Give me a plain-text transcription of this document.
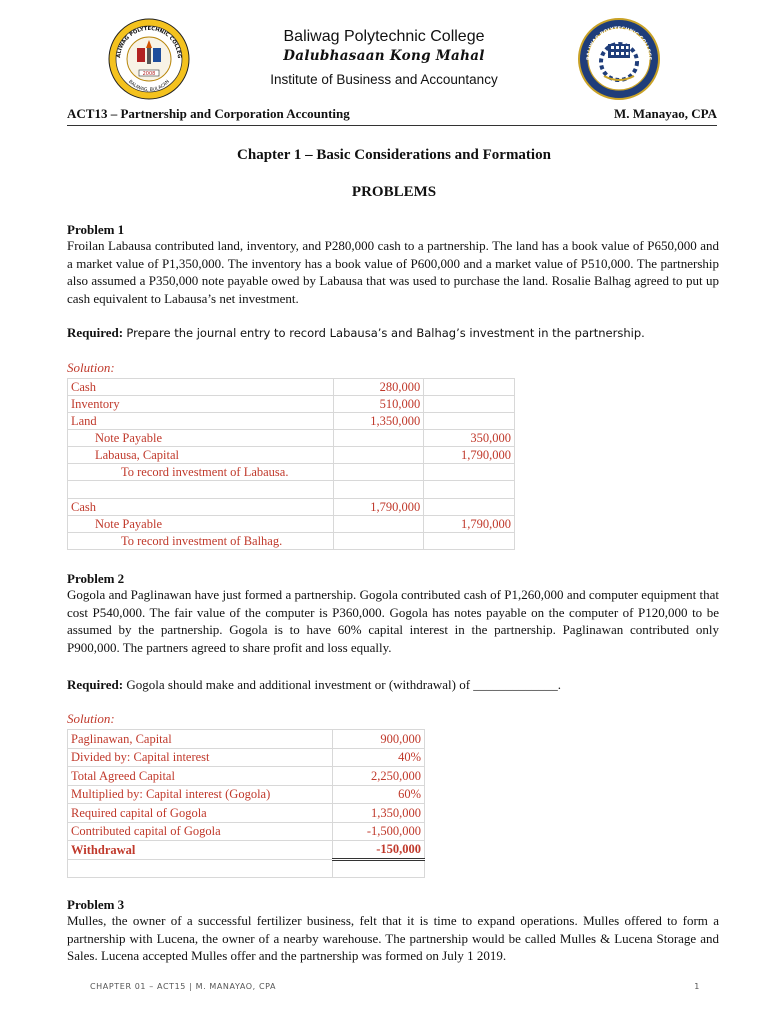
2008
ALIWAG POLYTECHNIC COLLEG
BALIWAG, BULACAN
Baliwag Polytechnic College
Dalubhasaan Kong Mahal
Institute of Business and Accountancy
BALIWAG POLYTECHNIC COLLEGE
ACT13 – Partnership and Corporation Accounting	M. Manayao, CPA
Chapter 1 – Basic Considerations and Formation
PROBLEMS
Problem 1
Froilan Labausa contributed land, inventory, and P280,000 cash to a partnership. The land has a book value of P650,000 and a market value of P1,350,000. The inventory has a book value of P600,000 and a market value of P510,000. The partnership also assumed a P350,000 note payable owed by Labausa that was used to purchase the land. Rosalie Balhag agreed to put up cash equivalent to Labausa’s net investment.
Required: Prepare the journal entry to record Labausa’s and Balhag’s investment in the partnership.
Solution:
Cash	280,000	
Inventory	510,000	
Land	1,350,000	
Note Payable		350,000
Labausa, Capital		1,790,000
To record investment of Labausa.		

Cash	1,790,000	
Note Payable		1,790,000
To record investment of Balhag.		
Problem 2
Gogola and Paglinawan have just formed a partnership. Gogola contributed cash of P1,260,000 and computer equipment that cost P540,000. The fair value of the computer is P360,000. Gogola has notes payable on the computer of P120,000 to be assumed by the partnership. Gogola is to have 60% capital interest in the partnership. Paglinawan contributed only P900,000. The partners agreed to share profit and loss equally.
Required: Gogola should make and additional investment or (withdrawal) of _____________.
Solution:
Paglinawan, Capital	900,000
Divided by: Capital interest	40%
Total Agreed Capital	2,250,000
Multiplied by: Capital interest (Gogola)	60%
Required capital of Gogola	1,350,000
Contributed capital of Gogola	-1,500,000
Withdrawal	-150,000

Problem 3
Mulles, the owner of a successful fertilizer business, felt that it is time to expand operations. Mulles offered to form a partnership with Lucena, the owner of a nearby warehouse. The partnership would be called Mulles & Lucena Storage and Sales. Lucena accepted Mulles offer and the partnership was formed on July 1 2019.
CHAPTER 01 – ACT15 | M. MANAYAO, CPA	1
